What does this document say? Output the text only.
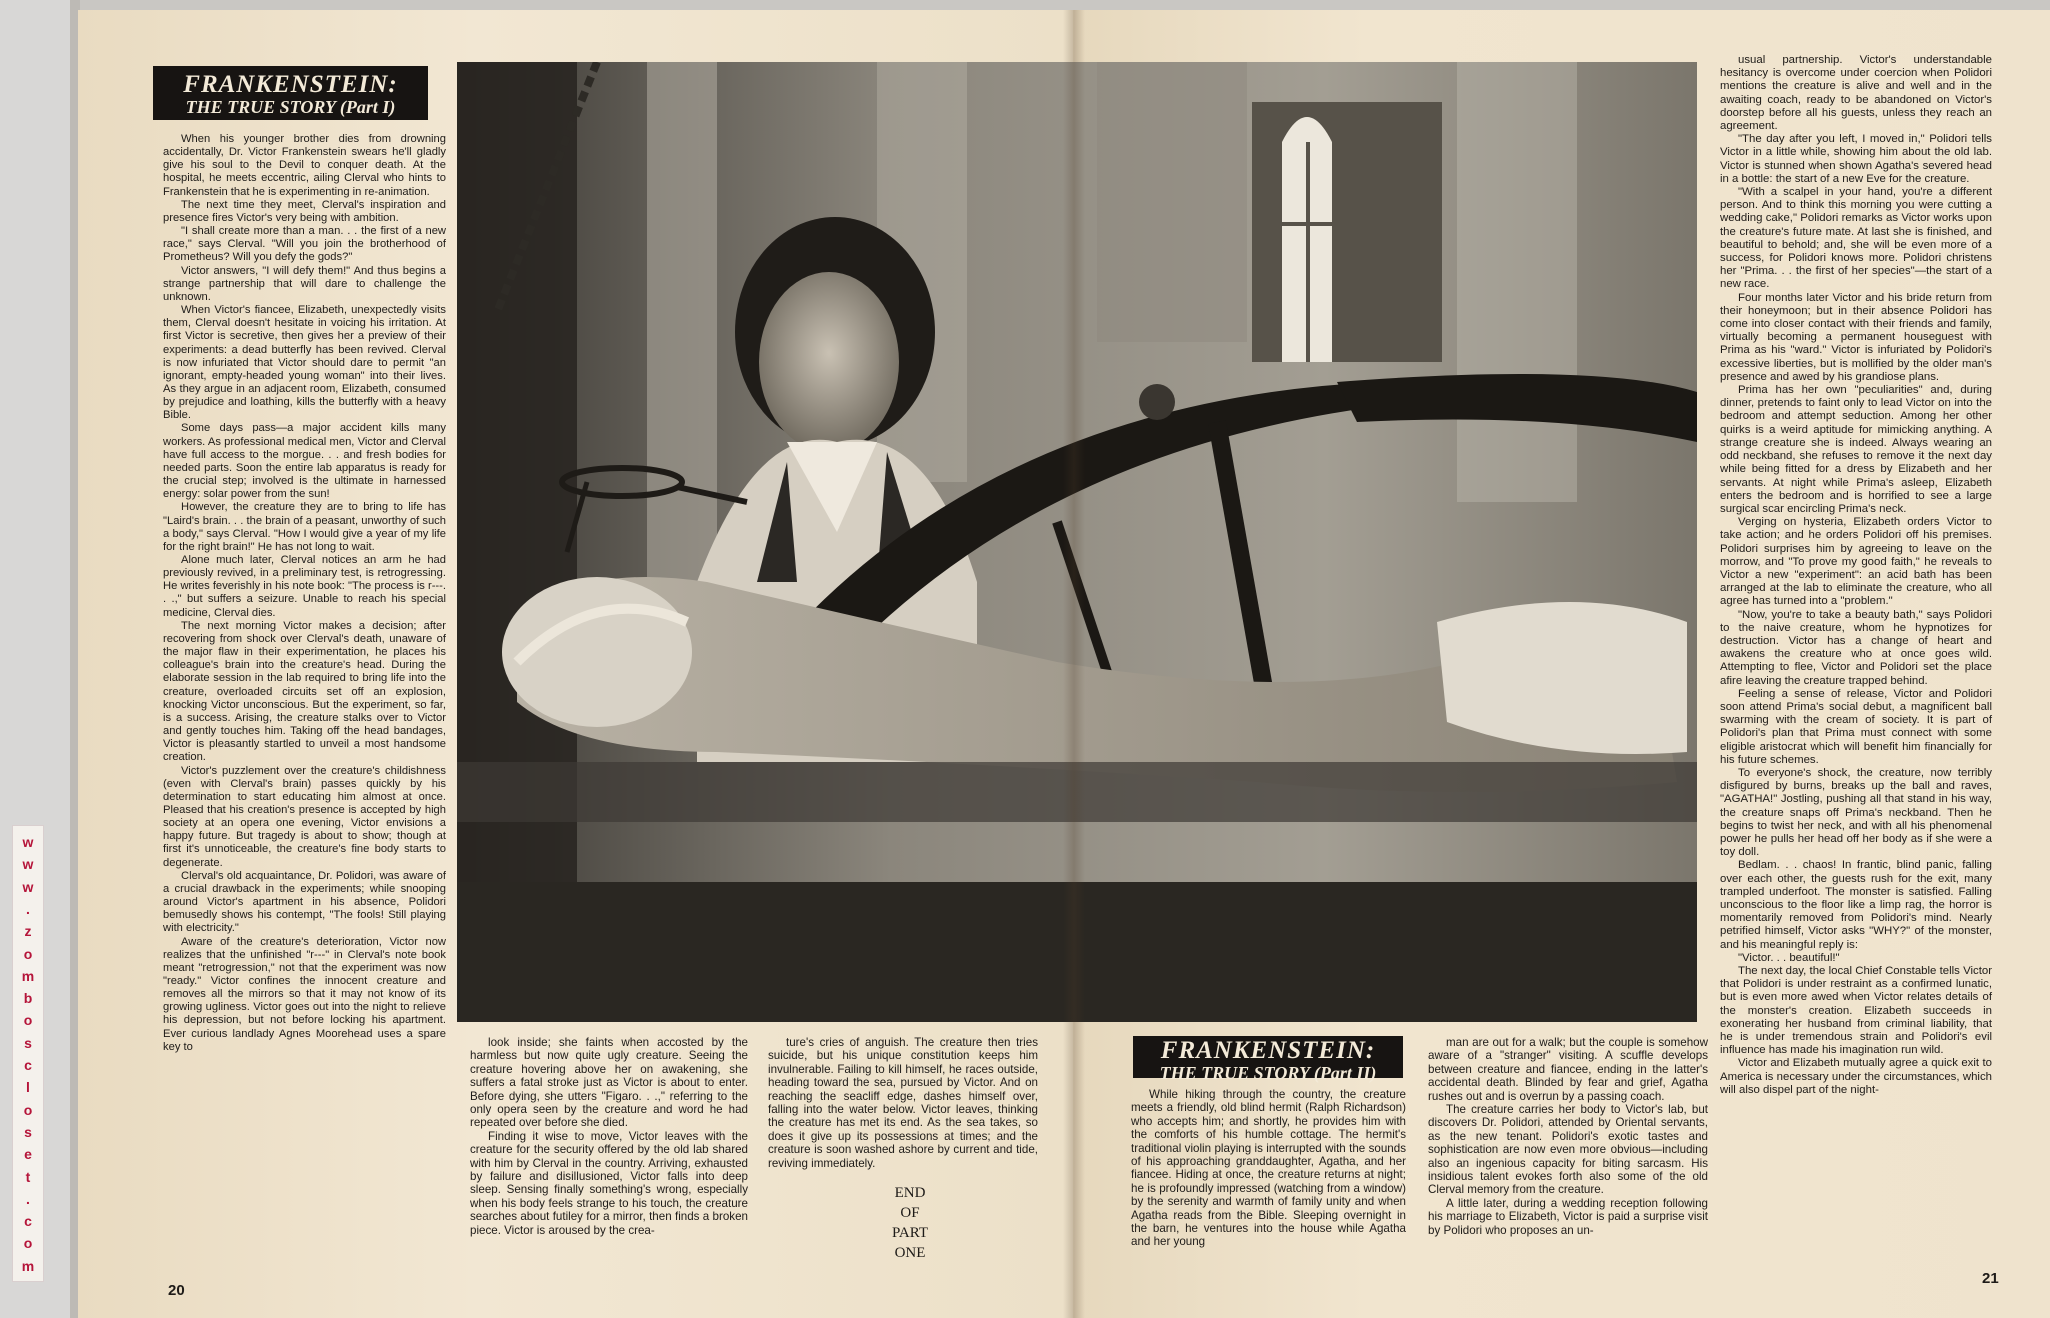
w
w
w
.
z
o
m
b
o
s
c
l
o
s
e
t
.
c
o
m
FRANKENSTEIN:
THE TRUE STORY (Part I)

When his younger brother dies from drowning accidentally, Dr. Victor Frankenstein swears he'll gladly give his soul to the Devil to conquer death. At the hospital, he meets eccentric, ailing Clerval who hints to Frankenstein that he is experimenting in re-animation.

The next time they meet, Clerval's inspiration and presence fires Victor's very being with ambition.

"I shall create more than a man. . . the first of a new race," says Clerval. "Will you join the brotherhood of Prometheus? Will you defy the gods?"

Victor answers, "I will defy them!" And thus begins a strange partnership that will dare to challenge the unknown.

When Victor's fiancee, Elizabeth, unexpectedly visits them, Clerval doesn't hesitate in voicing his irritation. At first Victor is secretive, then gives her a preview of their experiments: a dead butterfly has been revived. Clerval is now infuriated that Victor should dare to permit "an ignorant, empty-headed young woman" into their lives. As they argue in an adjacent room, Elizabeth, consumed by prejudice and loathing, kills the butterfly with a heavy Bible.

Some days pass—a major accident kills many workers. As professional medical men, Victor and Clerval have full access to the morgue. . . and fresh bodies for needed parts. Soon the entire lab apparatus is ready for the crucial step; involved is the ultimate in harnessed energy: solar power from the sun!

However, the creature they are to bring to life has "Laird's brain. . . the brain of a peasant, unworthy of such a body," says Clerval. "How I would give a year of my life for the right brain!" He has not long to wait.

Alone much later, Clerval notices an arm he had previously revived, in a preliminary test, is retrogressing. He writes feverishly in his note book: "The process is r---. . .," but suffers a seizure. Unable to reach his special medicine, Clerval dies.

The next morning Victor makes a decision; after recovering from shock over Clerval's death, unaware of the major flaw in their experimentation, he places his colleague's brain into the creature's head. During the elaborate session in the lab required to bring life into the creature, overloaded circuits set off an explosion, knocking Victor unconscious. But the experiment, so far, is a success. Arising, the creature stalks over to Victor and gently touches him. Taking off the head bandages, Victor is pleasantly startled to unveil a most handsome creation.

Victor's puzzlement over the creature's childishness (even with Clerval's brain) passes quickly by his determination to start educating him almost at once. Pleased that his creation's presence is accepted by high society at an opera one evening, Victor envisions a happy future. But tragedy is about to show; though at first it's unnoticeable, the creature's fine body starts to degenerate.

Clerval's old acquaintance, Dr. Polidori, was aware of a crucial drawback in the experiments; while snooping around Victor's apartment in his absence, Polidori bemusedly shows his contempt, "The fools! Still playing with electricity."

Aware of the creature's deterioration, Victor now realizes that the unfinished "r---" in Clerval's note book meant "retrogression," not that the experiment was now "ready." Victor confines the innocent creature and removes all the mirrors so that it may not know of its growing ugliness. Victor goes out into the night to relieve his depression, but not before locking his apartment. Ever curious landlady Agnes Moorehead uses a spare key to	look inside; she faints when accosted by the harmless but now quite ugly creature. Seeing the creature hovering above her on awakening, she suffers a fatal stroke just as Victor is about to enter. Before dying, she utters "Figaro. . .," referring to the only opera seen by the creature and word he had repeated over before she died.

Finding it wise to move, Victor leaves with the creature for the security offered by the old lab shared with him by Clerval in the country. Arriving, exhausted by failure and disillusioned, Victor falls into deep sleep. Sensing finally something's wrong, especially when his body feels strange to his touch, the creature searches about futiley for a mirror, then finds a broken piece. Victor is aroused by the crea-

ture's cries of anguish. The creature then tries suicide, but his unique constitution keeps him invulnerable. Failing to kill himself, he races outside, heading toward the sea, pursued by Victor. And on reaching the seacliff edge, dashes himself over, falling into the water below. Victor leaves, thinking the creature has met its end. As the sea takes, so does it give up its possessions at times; and the creature is soon washed ashore by current and tide, reviving immediately.

END
OF
PART
ONE
20
FRANKENSTEIN:
THE TRUE STORY (Part II)

While hiking through the country, the creature meets a friendly, old blind hermit (Ralph Richardson) who accepts him; and shortly, he provides him with the comforts of his humble cottage. The hermit's traditional violin playing is interrupted with the sounds of his approaching granddaughter, Agatha, and her fiancee. Hiding at once, the creature returns at night; he is profoundly impressed (watching from a window) by the serenity and warmth of family unity and when Agatha reads from the Bible. Sleeping overnight in the barn, he ventures into the house while Agatha and her young

man are out for a walk; but the couple is somehow aware of a "stranger" visiting. A scuffle develops between creature and fiancee, ending in the latter's accidental death. Blinded by fear and grief, Agatha rushes out and is overrun by a passing coach.

The creature carries her body to Victor's lab, but discovers Dr. Polidori, attended by Oriental servants, as the new tenant. Polidori's exotic tastes and sophistication are now even more obvious—including also an ingenious capacity for biting sarcasm. His insidious talent evokes forth also some of the old Clerval memory from the creature.

A little later, during a wedding reception following his marriage to Elizabeth, Victor is paid a surprise visit by Polidori who proposes an un-

usual partnership. Victor's understandable hesitancy is overcome under coercion when Polidori mentions the creature is alive and well and in the awaiting coach, ready to be abandoned on Victor's doorstep before all his guests, unless they reach an agreement.

"The day after you left, I moved in," Polidori tells Victor in a little while, showing him about the old lab. Victor is stunned when shown Agatha's severed head in a bottle: the start of a new Eve for the creature.

"With a scalpel in your hand, you're a different person. And to think this morning you were cutting a wedding cake," Polidori remarks as Victor works upon the creature's future mate. At last she is finished, and beautiful to behold; and, she will be even more of a success, for Polidori knows more. Polidori christens her "Prima. . . the first of her species"—the start of a new race.

Four months later Victor and his bride return from their honeymoon; but in their absence Polidori has come into closer contact with their friends and family, virtually becoming a permanent houseguest with Prima as his "ward." Victor is infuriated by Polidori's excessive liberties, but is mollified by the older man's presence and awed by his grandiose plans.

Prima has her own "peculiarities" and, during dinner, pretends to faint only to lead Victor on into the bedroom and attempt seduction. Among her other quirks is a weird aptitude for mimicking anything. A strange creature she is indeed. Always wearing an odd neckband, she refuses to remove it the next day while being fitted for a dress by Elizabeth and her servants. At night while Prima's asleep, Elizabeth enters the bedroom and is horrified to see a large surgical scar encircling Prima's neck.

Verging on hysteria, Elizabeth orders Victor to take action; and he orders Polidori off his premises. Polidori surprises him by agreeing to leave on the morrow, and "To prove my good faith," he reveals to Victor a new "experiment": an acid bath has been arranged at the lab to eliminate the creature, who all agree has turned into a "problem."

"Now, you're to take a beauty bath," says Polidori to the naive creature, whom he hypnotizes for destruction. Victor has a change of heart and awakens the creature who at once goes wild. Attempting to flee, Victor and Polidori set the place afire leaving the creature trapped behind.

Feeling a sense of release, Victor and Polidori soon attend Prima's social debut, a magnificent ball swarming with the cream of society. It is part of Polidori's plan that Prima must connect with some eligible aristocrat which will benefit him financially for his future schemes.

To everyone's shock, the creature, now terribly disfigured by burns, breaks up the ball and raves, "AGATHA!" Jostling, pushing all that stand in his way, the creature snaps off Prima's neckband. Then he begins to twist her neck, and with all his phenomenal power he pulls her head off her body as if she were a toy doll.

Bedlam. . . chaos! In frantic, blind panic, falling over each other, the guests rush for the exit, many trampled underfoot. The monster is satisfied. Falling unconscious to the floor like a limp rag, the horror is momentarily removed from Polidori's mind. Nearly petrified himself, Victor asks "WHY?" of the monster, and his meaningful reply is:

"Victor. . . beautiful!"

The next day, the local Chief Constable tells Victor that Polidori is under restraint as a confirmed lunatic, but is even more awed when Victor relates details of the monster's creation. Elizabeth succeeds in exonerating her husband from criminal liability, that he is under tremendous strain and Polidori's evil influence has made his imagination run wild.

Victor and Elizabeth mutually agree a quick exit to America is necessary under the circumstances, which will also dispel part of the night-

21
